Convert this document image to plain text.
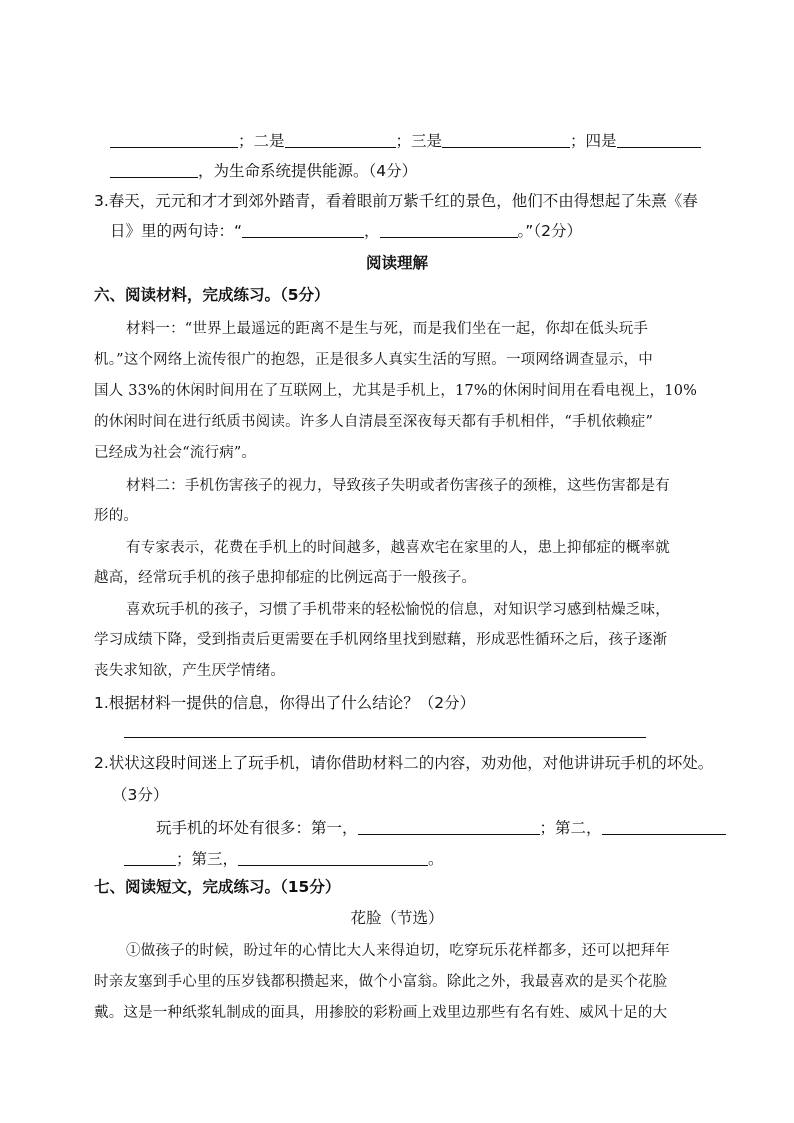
；二是	；三是	；四是
，为生命系统提供能源。（4分）
3.春天，元元和才才到郊外踏青，看着眼前万紫千红的景色，他们不由得想起了朱熹《春
日》里的两句诗：“	，	。”（2分）
阅读理解
六、阅读材料，完成练习。（5分）
材料一：“世界上最遥远的距离不是生与死，而是我们坐在一起，你却在低头玩手
机。”这个网络上流传很广的抱怨，正是很多人真实生活的写照。一项网络调查显示，中
国人 33%的休闲时间用在了互联网上，尤其是手机上，17%的休闲时间用在看电视上，10%
的休闲时间在进行纸质书阅读。许多人自清晨至深夜每天都有手机相伴，“手机依赖症”
已经成为社会“流行病”。
材料二：手机伤害孩子的视力，导致孩子失明或者伤害孩子的颈椎，这些伤害都是有
形的。
有专家表示，花费在手机上的时间越多，越喜欢宅在家里的人，患上抑郁症的概率就
越高，经常玩手机的孩子患抑郁症的比例远高于一般孩子。
喜欢玩手机的孩子，习惯了手机带来的轻松愉悦的信息，对知识学习感到枯燥乏味，
学习成绩下降，受到指责后更需要在手机网络里找到慰藉，形成恶性循环之后，孩子逐渐
丧失求知欲，产生厌学情绪。
1.根据材料一提供的信息，你得出了什么结论？（2分）
2.状状这段时间迷上了玩手机，请你借助材料二的内容，劝劝他，对他讲讲玩手机的坏处。
（3分）
玩手机的坏处有很多：第一，	；第二，
；第三，	。
七、阅读短文，完成练习。（15分）
花脸（节选）
①做孩子的时候，盼过年的心情比大人来得迫切，吃穿玩乐花样都多，还可以把拜年
时亲友塞到手心里的压岁钱都积攒起来，做个小富翁。除此之外，我最喜欢的是买个花脸
戴。这是一种纸浆轧制成的面具，用掺胶的彩粉画上戏里边那些有名有姓、威风十足的大
